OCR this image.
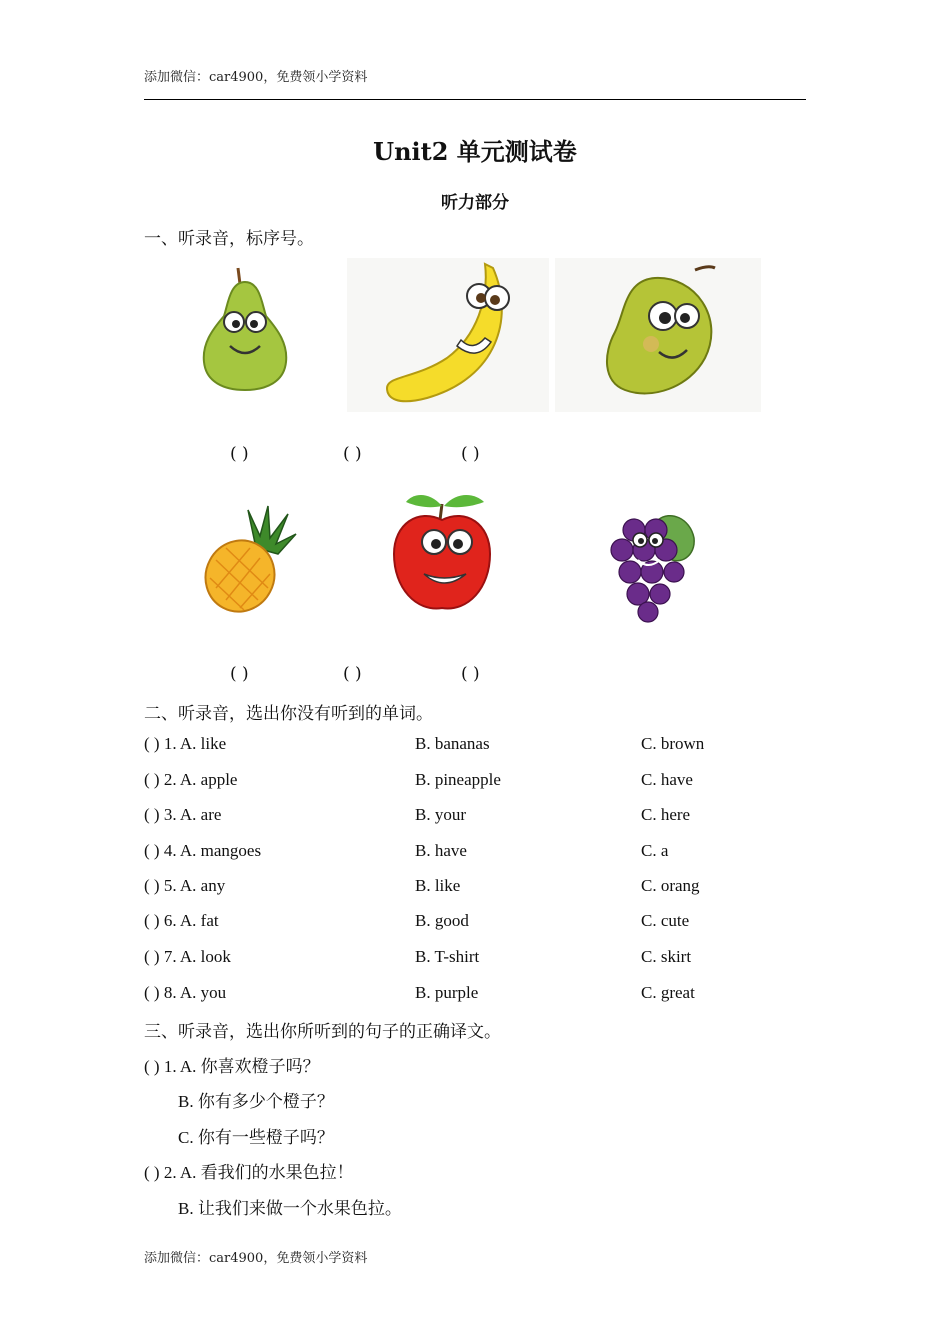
添加微信：car4900，免费领小学资料
Unit2 单元测试卷
听力部分
一、听录音，标序号。
( )	( )	( )
( )	( )	( )
二、听录音，选出你没有听到的单词。
( ) 1. A. like	B. bananas	C. brown
( ) 2. A. apple	B. pineapple	C. have
( ) 3. A. are	B. your	C. here
( ) 4. A. mangoes	B. have	C. a
( ) 5. A. any	B. like	C. orang
( ) 6. A. fat	B. good	C. cute
( ) 7. A. look	B. T-shirt	C. skirt
( ) 8. A. you	B. purple	C. great
三、听录音，选出你所听到的句子的正确译文。
( ) 1. A. 你喜欢橙子吗？
B. 你有多少个橙子？
C. 你有一些橙子吗？
( ) 2. A. 看我们的水果色拉！
B. 让我们来做一个水果色拉。
添加微信：car4900，免费领小学资料
